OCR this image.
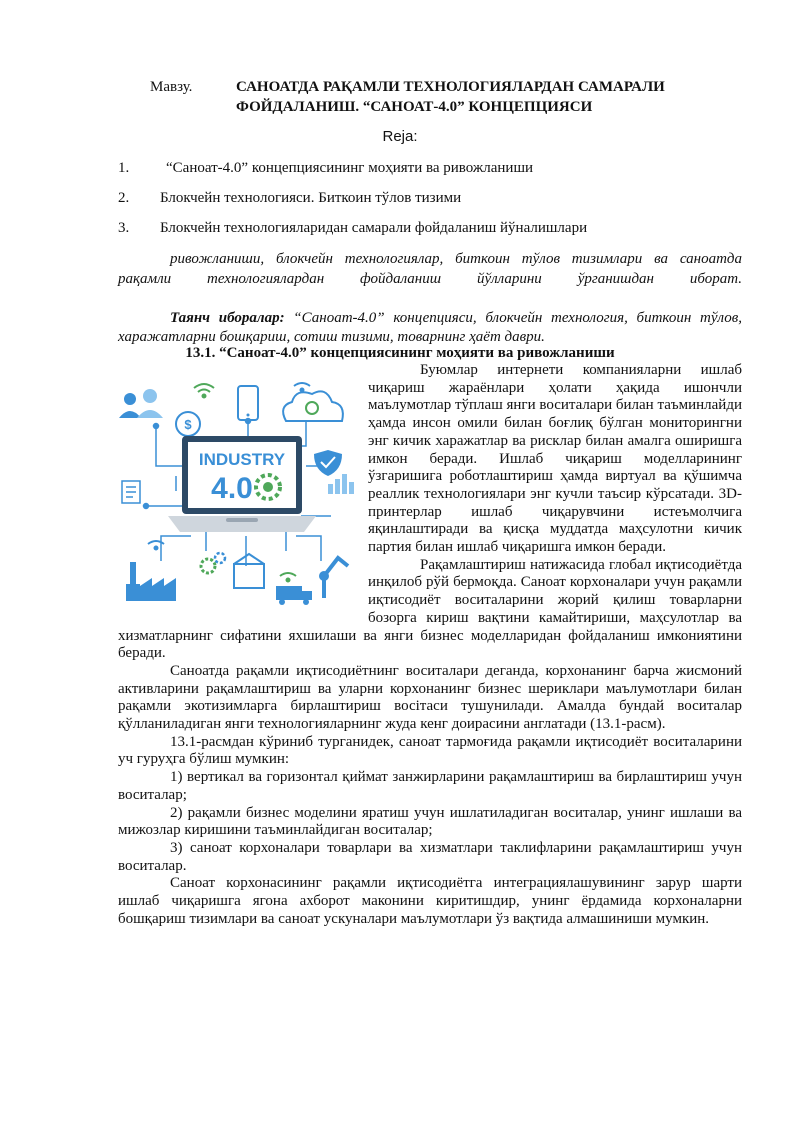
Мавзу.	САНОАТДА РАҚАМЛИ ТЕХНОЛОГИЯЛАРДАН САМАРАЛИ
ФОЙДАЛАНИШ. “САНОАТ-4.0” КОНЦЕПЦИЯСИ
Reja:
1. “Саноат-4.0” концепциясининг моҳияти ва ривожланиши
2. Блокчейн технологияси. Биткоин тўлов тизими
3. Блокчейн технологияларидан самарали фойдаланиш йўналишлари

ривожланиши, блокчейн технологиялар, биткоин тўлов тизимлари ва саноатда рақамли технологиялардан фойдаланиш йўлларини ўрганишдан иборат.

Таянч иборалар: “Саноат-4.0” концепцияси, блокчейн технология, биткоин тўлов, харажатларни бошқариш, сотиш тизими, товарнинг ҳаёт даври.

13.1. “Саноат-4.0” концепциясининг моҳияти ва ривожланиши
$
INDUSTRY
4.0

Буюмлар интернети компанияларни ишлаб чиқариш жараёнлари ҳолати ҳақида ишончли маълумотлар тўплаш янги воситалари билан таъминлайди ҳамда инсон омили билан боғлиқ бўлган мониторингни энг кичик харажатлар ва рисклар билан амалга оширишга имкон беради. Ишлаб чиқариш моделларининг ўзгаришига роботлаштириш ҳамда виртуал ва қўшимча реаллик технологиялари энг кучли таъсир кўрсатади. 3D-принтерлар ишлаб чиқарувчини истеъмолчига яқинлаштиради ва қисқа муддатда маҳсулотни кичик партия билан ишлаб чиқаришга имкон беради.

Рақамлаштириш натижасида глобал иқтисодиётда инқилоб рўй бермоқда. Саноат корхоналари учун рақамли иқтисодиёт воситаларини жорий қилиш товарларни бозорга кириш вақтини камайтириши, маҳсулотлар ва хизматларнинг сифатини яхшилаши ва янги бизнес моделларидан фойдаланиш имкониятини беради.

Саноатда рақамли иқтисодиётнинг воситалари деганда, корхонанинг барча жисмоний активларини рақамлаштириш ва уларни корхонанинг бизнес шериклари маълумотлари билан рақамли экотизимларга бирлаштириш восітаси тушунилади. Амалда бундай воситалар қўлланиладиган янги технологияларнинг жуда кенг доирасини англатади (13.1-расм).

13.1-расмдан кўриниб турганидек, саноат тармоғида рақамли иқтисодиёт воситаларини уч гуруҳга бўлиш мумкин:

1) вертикал ва горизонтал қиймат занжирларини рақамлаштириш ва бирлаштириш учун воситалар;

2) рақамли бизнес моделини яратиш учун ишлатиладиган воситалар, унинг ишлаши ва мижозлар киришини таъминлайдиган воситалар;

3) саноат корхоналари товарлари ва хизматлари таклифларини рақамлаштириш учун воситалар.

Саноат корхонасининг рақамли иқтисодиётга интеграциялашувининг зарур шарти ишлаб чиқаришга ягона ахборот маконини киритишдир, унинг ёрдамида корхоналарни бошқариш тизимлари ва саноат ускуналари маълумотлари ўз вақтида алмашиниши мумкин.
